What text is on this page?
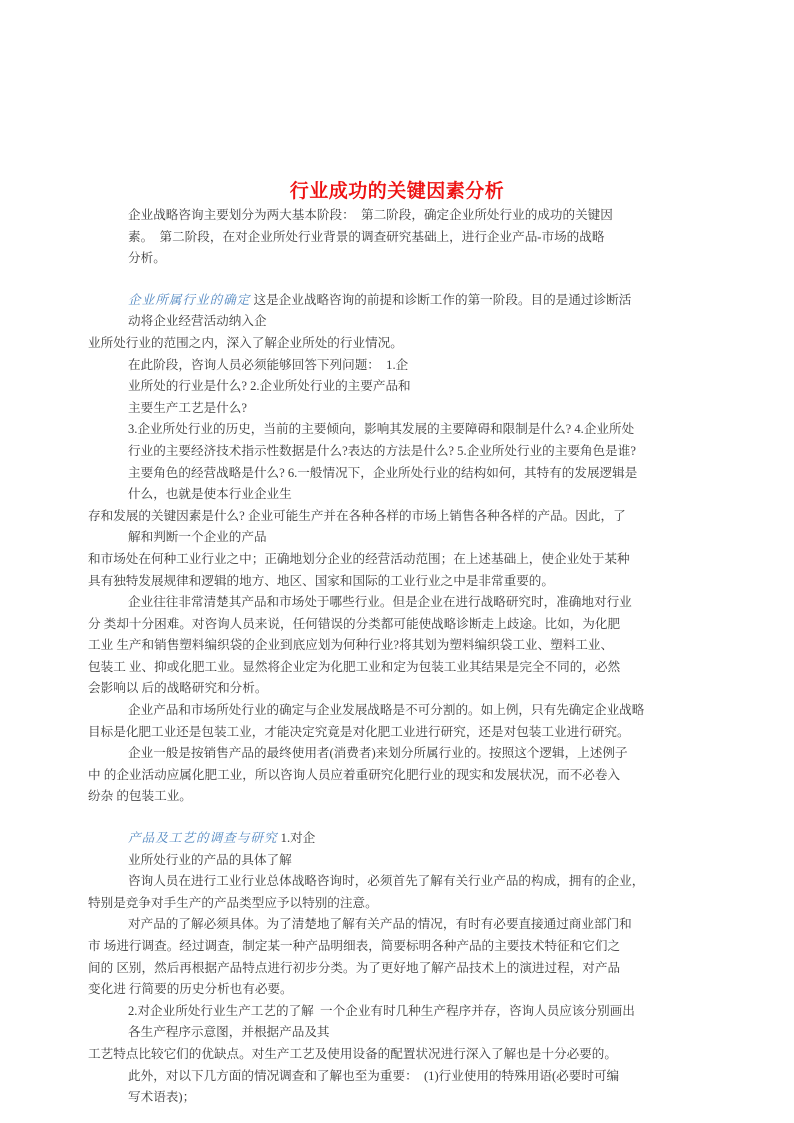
行业成功的关键因素分析
企业战略咨询主要划分为两大基本阶段：  第二阶段，确定企业所处行业的成功的关键因
素。  第二阶段，在对企业所处行业背景的调查研究基础上，进行企业产品-市场的战略
分析。
企业所属行业的确定 这是企业战略咨询的前提和诊断工作的第一阶段。目的是通过诊断活
动将企业经营活动纳入企
业所处行业的范围之内，深入了解企业所处的行业情况。
在此阶段，咨询人员必须能够回答下列问题：  1.企
业所处的行业是什么? 2.企业所处行业的主要产品和
主要生产工艺是什么?
3.企业所处行业的历史，当前的主要倾向，影响其发展的主要障碍和限制是什么? 4.企业所处
行业的主要经济技术指示性数据是什么?表达的方法是什么? 5.企业所处行业的主要角色是谁?
主要角色的经营战略是什么? 6.一般情况下，企业所处行业的结构如何，其特有的发展逻辑是
什么，也就是使本行业企业生
存和发展的关键因素是什么? 企业可能生产并在各种各样的市场上销售各种各样的产品。因此，了
解和判断一个企业的产品
和市场处在何种工业行业之中；正确地划分企业的经营活动范围；在上述基础上，使企业处于某种
具有独特发展规律和逻辑的地方、地区、国家和国际的工业行业之中是非常重要的。
企业往往非常清楚其产品和市场处于哪些行业。但是企业在进行战略研究时，准确地对行业
分 类却十分困难。对咨询人员来说，任何错误的分类都可能使战略诊断走上歧途。比如，为化肥
工业 生产和销售塑料编织袋的企业到底应划为何种行业?将其划为塑料编织袋工业、塑料工业、
包装工 业、抑或化肥工业。显然将企业定为化肥工业和定为包装工业其结果是完全不同的，必然
会影响以 后的战略研究和分析。
企业产品和市场所处行业的确定与企业发展战略是不可分割的。如上例，只有先确定企业战略
目标是化肥工业还是包装工业，才能决定究竟是对化肥工业进行研究，还是对包装工业进行研究。
企业一般是按销售产品的最终使用者(消费者)来划分所属行业的。按照这个逻辑，上述例子
中 的企业活动应属化肥工业，所以咨询人员应着重研究化肥行业的现实和发展状况，而不必卷入
纷杂 的包装工业。
产品及工艺的调查与研究 1.对企
业所处行业的产品的具体了解
咨询人员在进行工业行业总体战略咨询时，必须首先了解有关行业产品的构成，拥有的企业，
特别是竞争对手生产的产品类型应予以特别的注意。
对产品的了解必须具体。为了清楚地了解有关产品的情况，有时有必要直接通过商业部门和
市 场进行调查。经过调查，制定某一种产品明细表，简要标明各种产品的主要技术特征和它们之
间的 区别，然后再根据产品特点进行初步分类。为了更好地了解产品技术上的演进过程，对产品
变化进 行简要的历史分析也有必要。
2.对企业所处行业生产工艺的了解  一个企业有时几种生产程序并存，咨询人员应该分别画出
各生产程序示意图，并根据产品及其
工艺特点比较它们的优缺点。对生产工艺及使用设备的配置状况进行深入了解也是十分必要的。
此外，对以下几方面的情况调查和了解也至为重要：  (1)行业使用的特殊用语(必要时可编
写术语表)；
